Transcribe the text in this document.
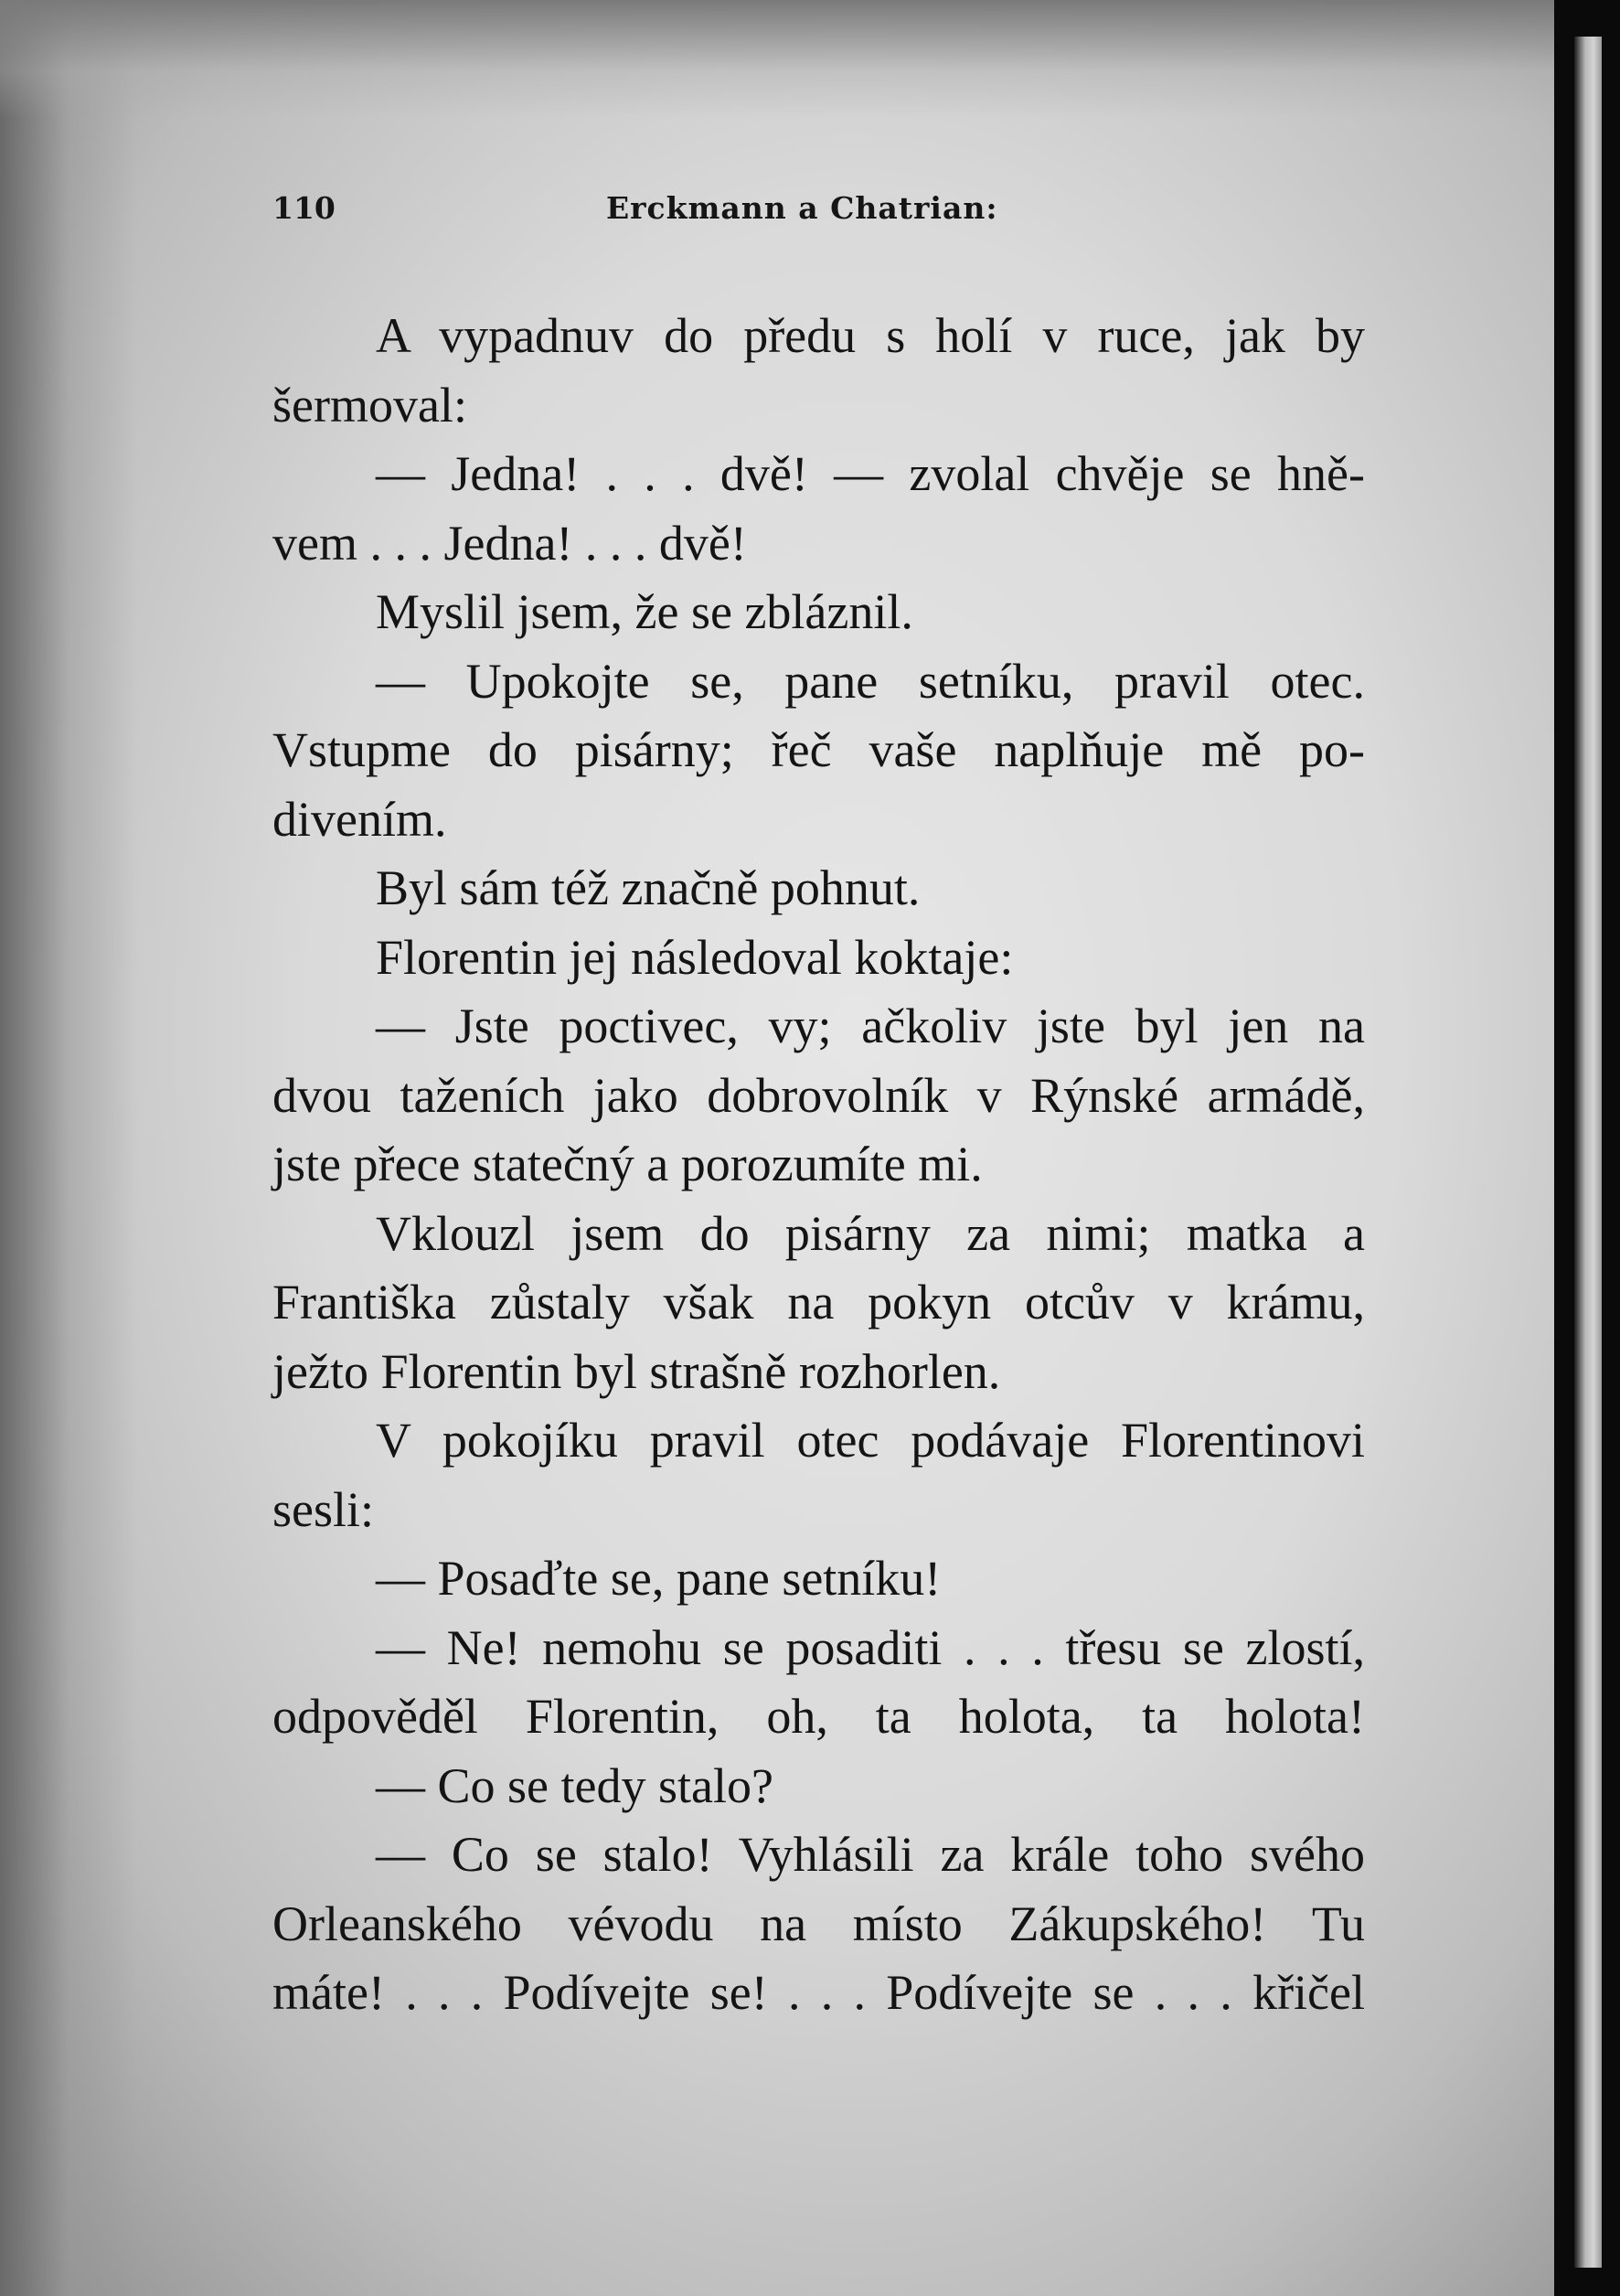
110	Erckmann a Chatrian:
A vypadnuv do předu s holí v ruce, jak by
šermoval:
— Jedna! . . . dvě! — zvolal chvěje se hně-
vem . . . Jedna! . . . dvě!
Myslil jsem, že se zbláznil.
— Upokojte se, pane setníku, pravil otec.
Vstupme do pisárny; řeč vaše naplňuje mě po-
divením.
Byl sám též značně pohnut.
Florentin jej následoval koktaje:
— Jste poctivec, vy; ačkoliv jste byl jen na
dvou taženích jako dobrovolník v Rýnské armádě,
jste přece statečný a porozumíte mi.
Vklouzl jsem do pisárny za nimi; matka a
Františka zůstaly však na pokyn otcův v krámu,
ježto Florentin byl strašně rozhorlen.
V pokojíku pravil otec podávaje Florentinovi
sesli:
— Posaďte se, pane setníku!
— Ne! nemohu se posaditi . . . třesu se zlostí,
odpověděl Florentin, oh, ta holota, ta holota!
— Co se tedy stalo?
— Co se stalo! Vyhlásili za krále toho svého
Orleanského vévodu na místo Zákupského! Tu
máte! . . . Podívejte se! . . . Podívejte se . . . křičel
